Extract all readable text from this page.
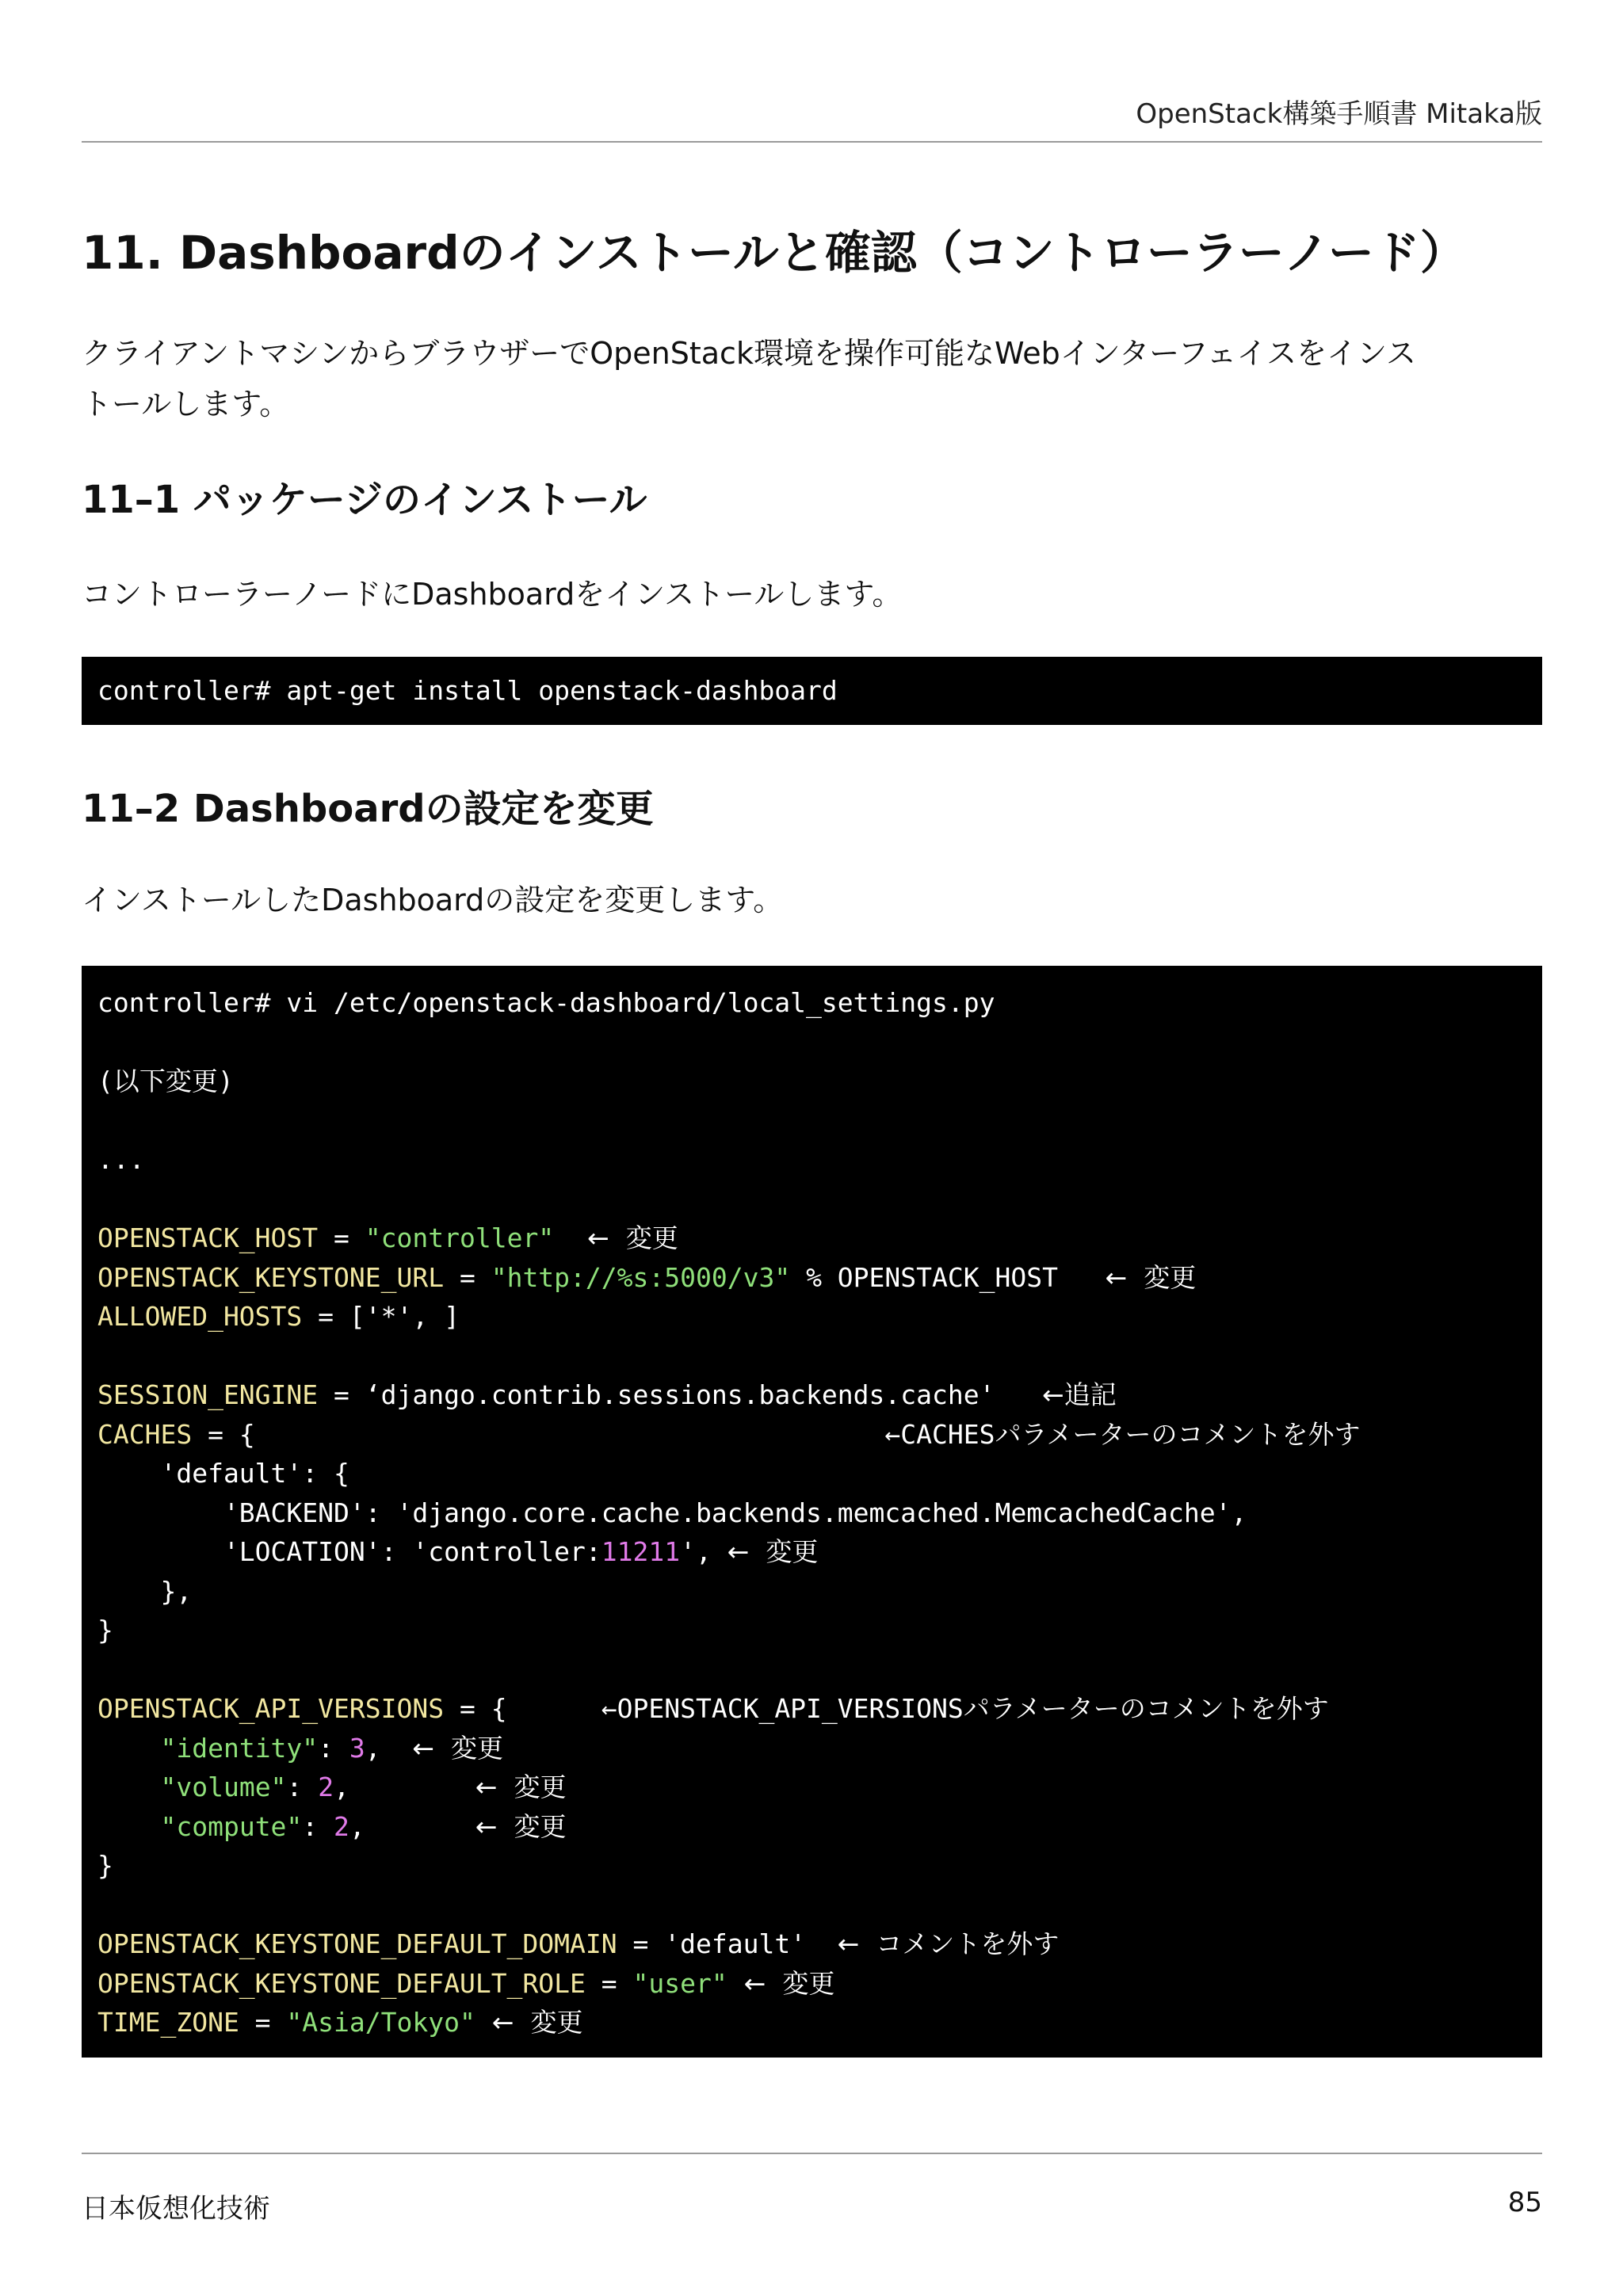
OpenStack構築手順書 Mitaka版
11. Dashboardのインストールと確認（コントローラーノード）
クライアントマシンからブラウザーでOpenStack環境を操作可能なWebインターフェイスをインス
トールします。
11–1 パッケージのインストール
コントローラーノードにDashboardをインストールします。
controller# apt-get install openstack-dashboard
11–2 Dashboardの設定を変更
インストールしたDashboardの設定を変更します。
controller# vi /etc/openstack-dashboard/local_settings.py

(以下変更)

...

OPENSTACK_HOST = "controller"    ←  変更
OPENSTACK_KEYSTONE_URL = "http://%s:5000/v3" % OPENSTACK_HOST   ←  変更
ALLOWED_HOSTS = ['*', ]

SESSION_ENGINE = ‘django.contrib.sessions.backends.cache'   ←追記
CACHES = {                                        ←CACHESパラメーターのコメントを外す
'default': {
'BACKEND': 'django.core.cache.backends.memcached.MemcachedCache',
'LOCATION': 'controller:11211', ←  変更
},
}

OPENSTACK_API_VERSIONS = {      ←OPENSTACK_API_VERSIONSパラメーターのコメントを外す
"identity": 3,  ←  変更
"volume": 2,        ←  変更
"compute": 2,       ←  変更
}

OPENSTACK_KEYSTONE_DEFAULT_DOMAIN = 'default'  ←  コメントを外す
OPENSTACK_KEYSTONE_DEFAULT_ROLE = "user"  ←  変更
TIME_ZONE = "Asia/Tokyo"  ←  変更
日本仮想化技術	85
